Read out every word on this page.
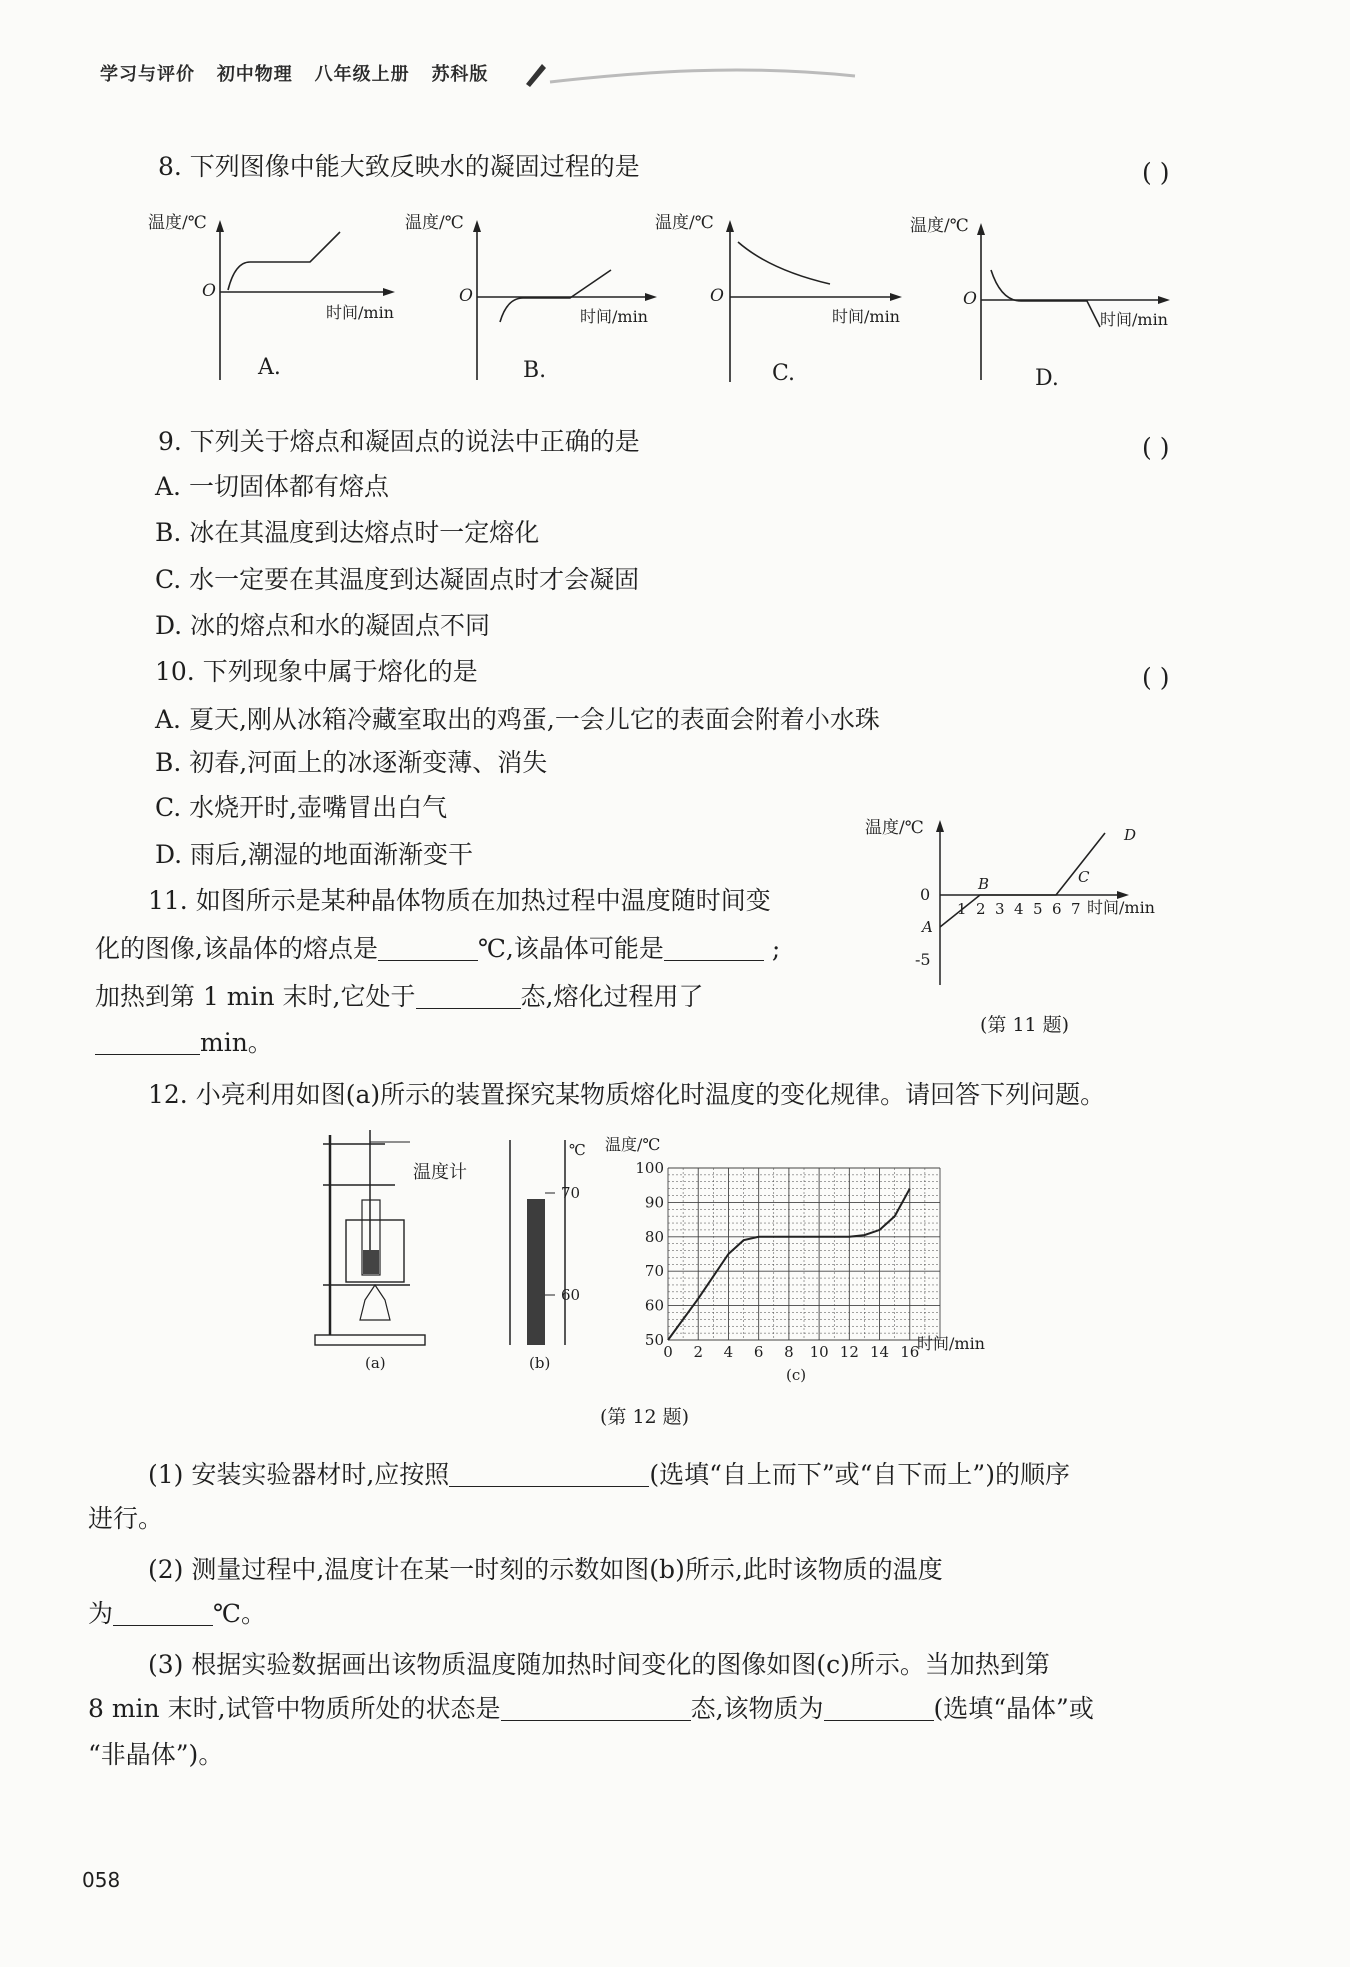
学习与评价 初中物理 八年级上册 苏科版
8. 下列图像中能大致反映水的凝固过程的是	( )
温度/℃
O
时间/min
A.
温度/℃
O
时间/min
B.
温度/℃
O
时间/min
C.
温度/℃
O
时间/min
D.
9. 下列关于熔点和凝固点的说法中正确的是	( )
A. 一切固体都有熔点
B. 冰在其温度到达熔点时一定熔化
C. 水一定要在其温度到达凝固点时才会凝固
D. 冰的熔点和水的凝固点不同
10. 下列现象中属于熔化的是	( )
A. 夏天,刚从冰箱冷藏室取出的鸡蛋,一会儿它的表面会附着小水珠
B. 初春,河面上的冰逐渐变薄、消失
C. 水烧开时,壶嘴冒出白气
D. 雨后,潮湿的地面渐渐变干
11. 如图所示是某种晶体物质在加热过程中温度随时间变
化的图像,该晶体的熔点是	℃,该晶体可能是	;
加热到第 1 min 末时,它处于	态,熔化过程用了
min。
温度/℃
0
-5
1 2 3 4 5 6 7 时间/min
A
B	C
D
(第 11 题)
12. 小亮利用如图(a)所示的装置探究某物质熔化时温度的变化规律。请回答下列问题。
(a)
温度计
℃
70
60
(b)
温度/℃
50
60
70
80
90
100
0 2 4 6 8 10 12 14 16
时间/min
(c)
(第 12 题)
(1) 安装实验器材时,应按照	(选填“自上而下”或“自下而上”)的顺序
进行。
(2) 测量过程中,温度计在某一时刻的示数如图(b)所示,此时该物质的温度
为	℃。
(3) 根据实验数据画出该物质温度随加热时间变化的图像如图(c)所示。当加热到第
8 min 末时,试管中物质所处的状态是	态,该物质为	(选填“晶体”或
“非晶体”)。
058
